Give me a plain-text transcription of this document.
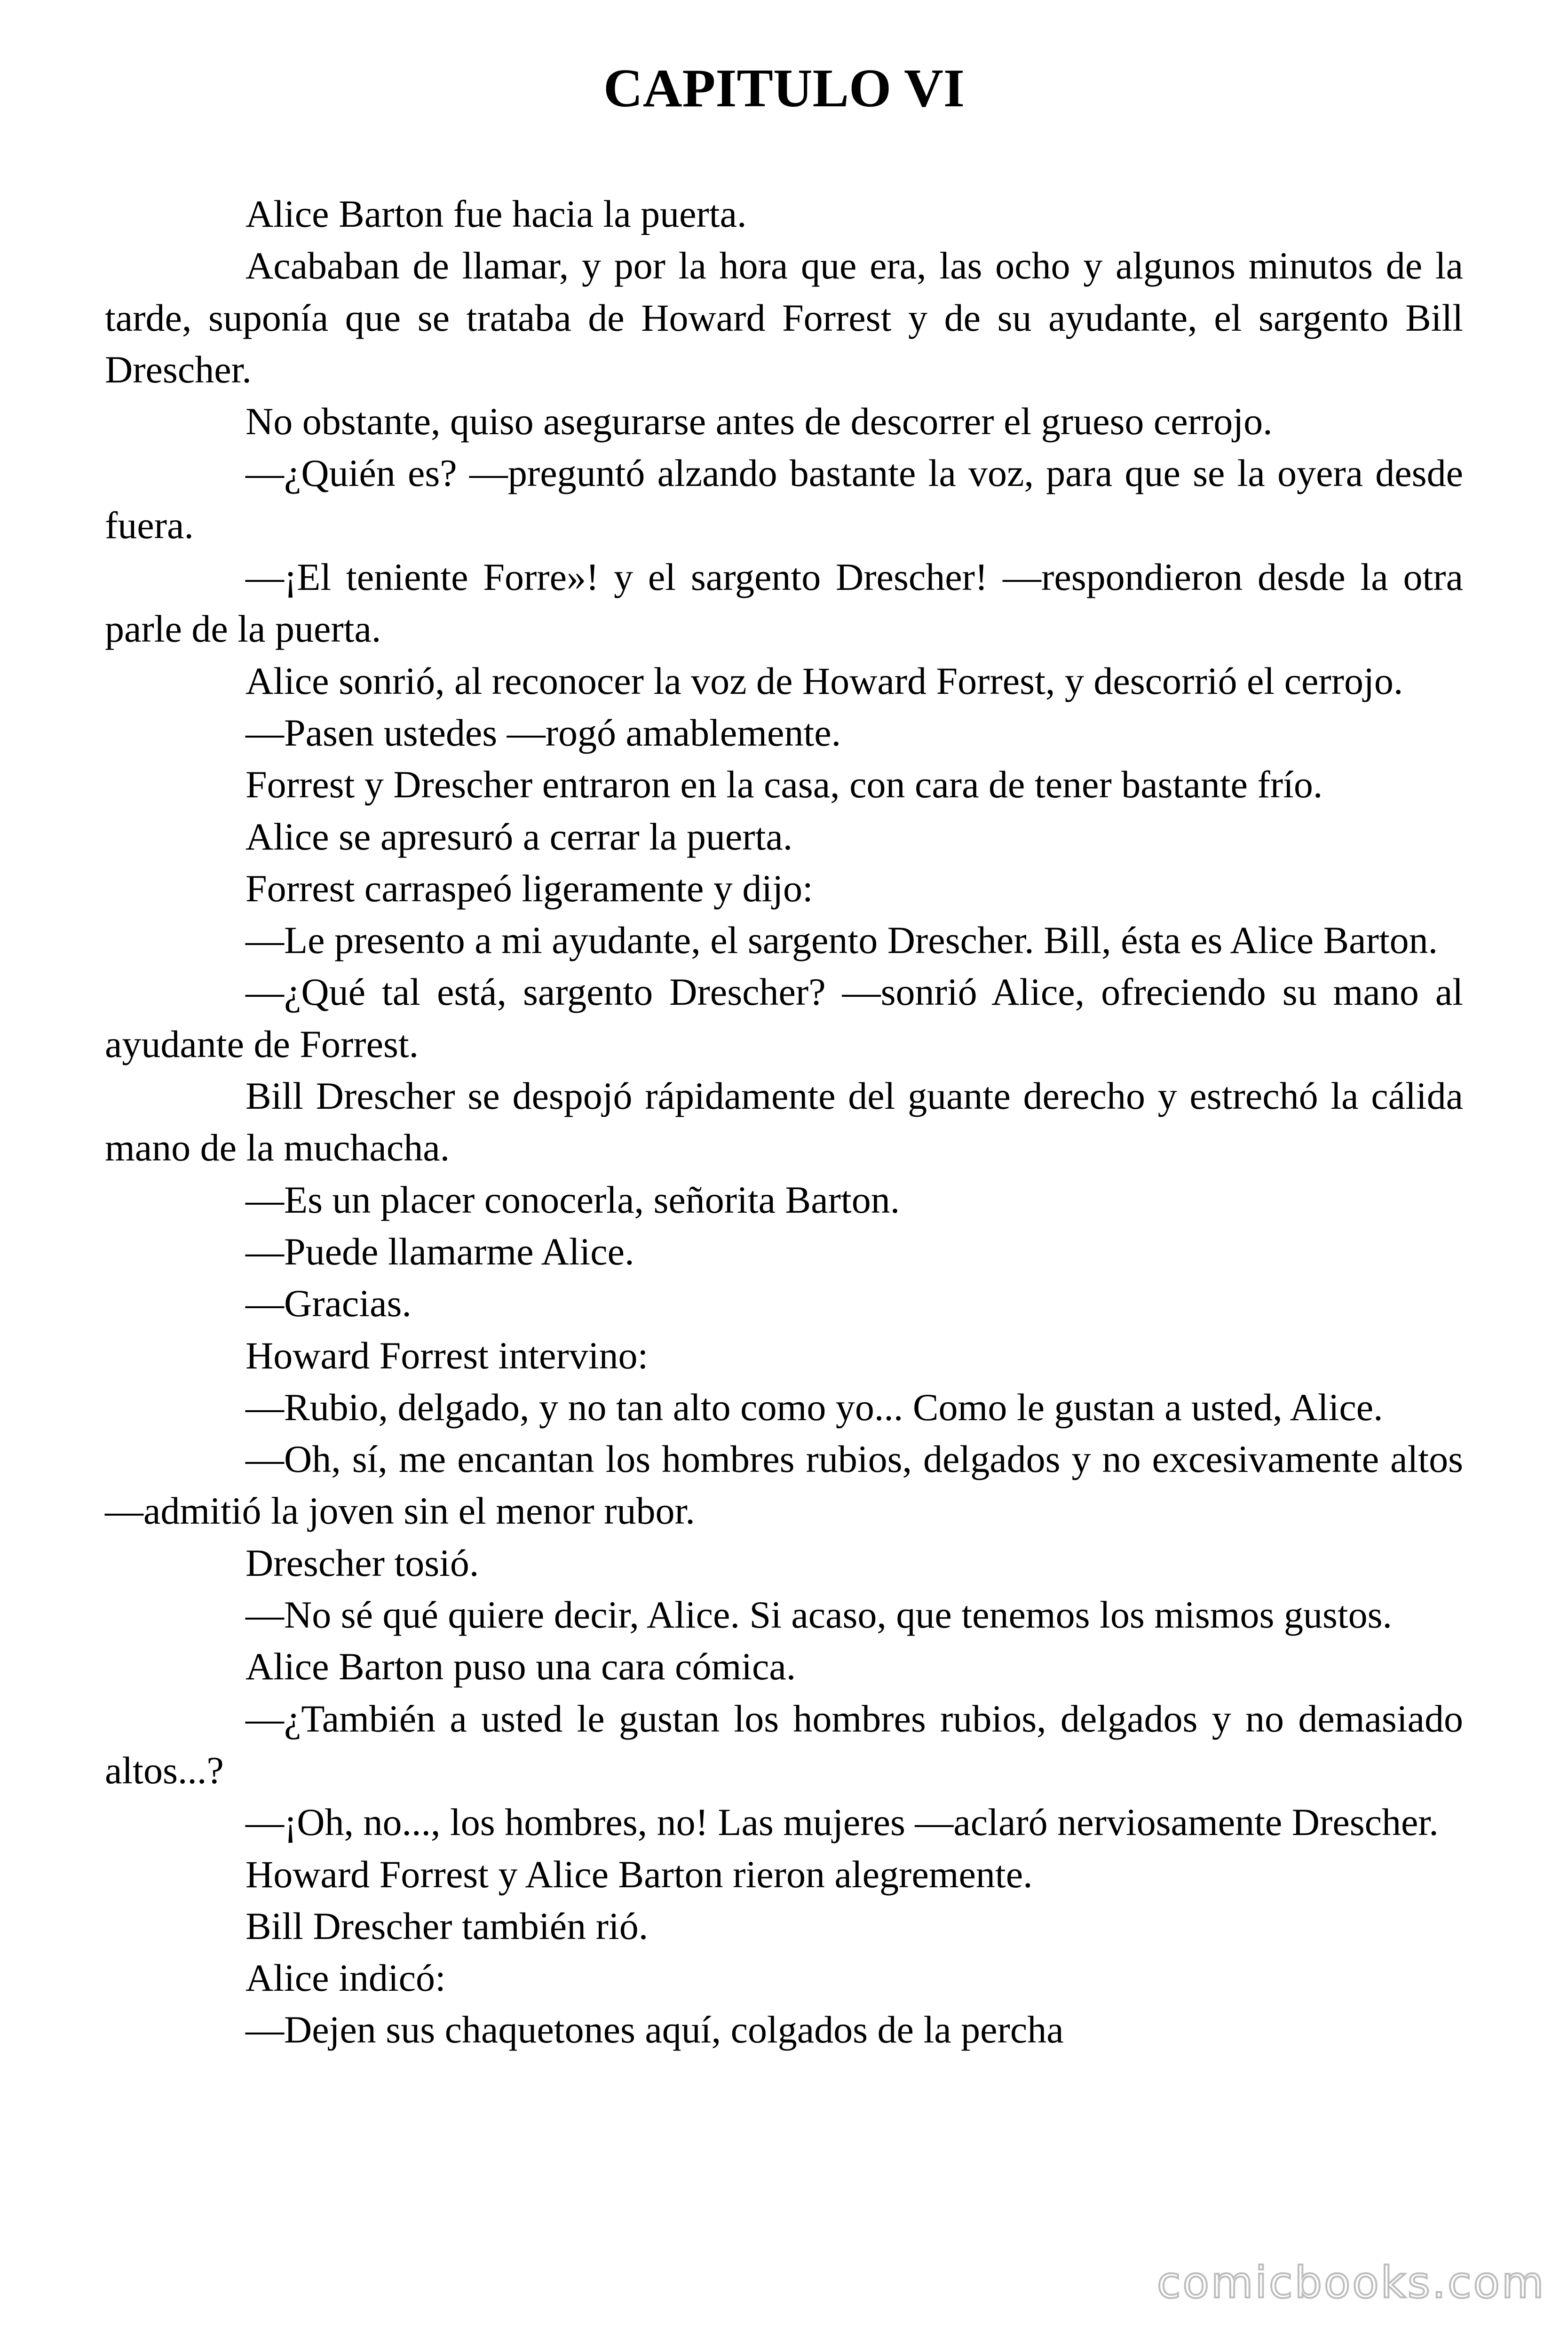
CAPITULO VI

Alice Barton fue hacia la puerta.

Acababan de llamar, y por la hora que era, las ocho y algunos minutos de la tarde, suponía que se trataba de Howard Forrest y de su ayudante, el sargento Bill Drescher.

No obstante, quiso asegurarse antes de descorrer el grueso cerrojo.

—¿Quién es? —preguntó alzando bastante la voz, para que se la oyera desde fuera.

—¡El teniente Forre»! y el sargento Drescher! —respondieron desde la otra parle de la puerta.

Alice sonrió, al reconocer la voz de Howard Forrest, y descorrió el cerrojo.

—Pasen ustedes —rogó amablemente.

Forrest y Drescher entraron en la casa, con cara de tener bastante frío.

Alice se apresuró a cerrar la puerta.

Forrest carraspeó ligeramente y dijo:

—Le presento a mi ayudante, el sargento Drescher. Bill, ésta es Alice Barton.

—¿Qué tal está, sargento Drescher? —sonrió Alice, ofreciendo su mano al ayudante de Forrest.

Bill Drescher se despojó rápidamente del guante derecho y estrechó la cálida mano de la muchacha.

—Es un placer conocerla, señorita Barton.

—Puede llamarme Alice.

—Gracias.

Howard Forrest intervino:

—Rubio, delgado, y no tan alto como yo... Como le gustan a usted, Alice.

—Oh, sí, me encantan los hombres rubios, delgados y no excesivamente altos —admitió la joven sin el menor rubor.

Drescher tosió.

—No sé qué quiere decir, Alice. Si acaso, que tenemos los mismos gustos.

Alice Barton puso una cara cómica.

—¿También a usted le gustan los hombres rubios, delgados y no demasiado altos...?

—¡Oh, no..., los hombres, no! Las mujeres —aclaró nerviosamente Drescher.

Howard Forrest y Alice Barton rieron alegremente.

Bill Drescher también rió.

Alice indicó:

—Dejen sus chaquetones aquí, colgados de la percha

comicbooks.com
